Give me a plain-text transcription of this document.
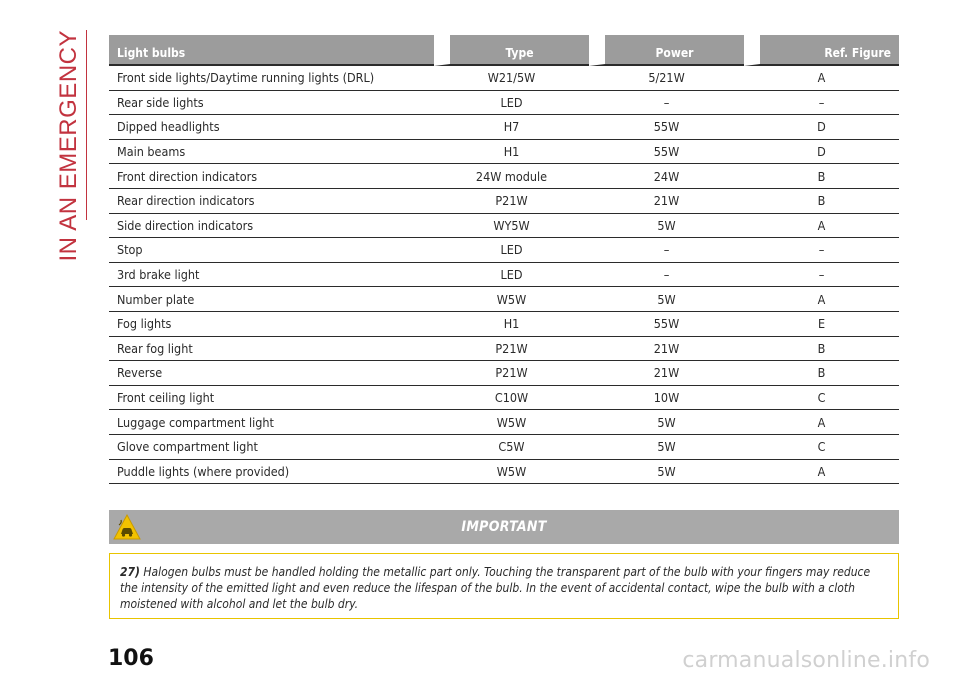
IN AN EMERGENCY	Light bulbs	Type	Power	Ref. Figure
Front side lights/Daytime running lights (DRL)	W21/5W	5/21W	A
Rear side lights	LED	–	–
Dipped headlights	H7	55W	D
Main beams	H1	55W	D
Front direction indicators	24W module	24W	B
Rear direction indicators	P21W	21W	B
Side direction indicators	WY5W	5W	A
Stop	LED	–	–
3rd brake light	LED	–	–
Number plate	W5W	5W	A
Fog lights	H1	55W	E
Rear fog light	P21W	21W	B
Reverse	P21W	21W	B
Front ceiling light	C10W	10W	C
Luggage compartment light	W5W	5W	A
Glove compartment light	C5W	5W	C
Puddle lights (where provided)	W5W	5W	A
IMPORTANT
27) Halogen bulbs must be handled holding the metallic part only. Touching the transparent part of the bulb with your fingers may reduce the intensity of the emitted light and even reduce the lifespan of the bulb. In the event of accidental contact, wipe the bulb with a cloth moistened with alcohol and let the bulb dry.
106	carmanualsonline.info
